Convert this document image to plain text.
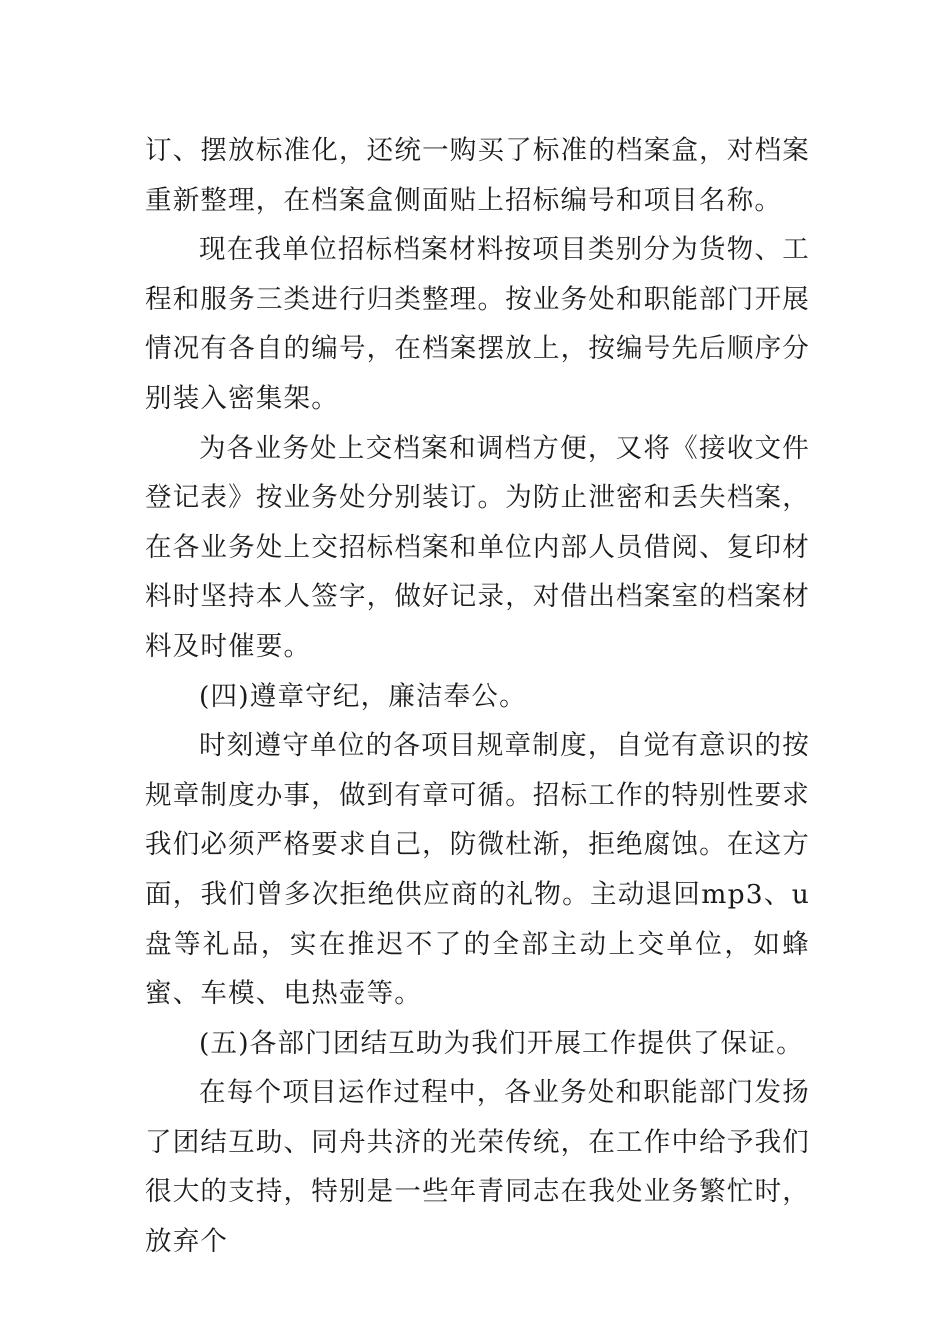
订、摆放标准化，还统一购买了标准的档案盒，对档案重新整理，在档案盒侧面贴上招标编号和项目名称。

现在我单位招标档案材料按项目类别分为货物、工程和服务三类进行归类整理。按业务处和职能部门开展情况有各自的编号，在档案摆放上，按编号先后顺序分别装入密集架。

为各业务处上交档案和调档方便，又将《接收文件登记表》按业务处分别装订。为防止泄密和丢失档案，在各业务处上交招标档案和单位内部人员借阅、复印材料时坚持本人签字，做好记录，对借出档案室的档案材料及时催要。

(四)遵章守纪，廉洁奉公。

时刻遵守单位的各项目规章制度，自觉有意识的按规章制度办事，做到有章可循。招标工作的特别性要求我们必须严格要求自己，防微杜渐，拒绝腐蚀。在这方面，我们曾多次拒绝供应商的礼物。主动退回mp3、u盘等礼品，实在推迟不了的全部主动上交单位，如蜂蜜、车模、电热壶等。

(五)各部门团结互助为我们开展工作提供了保证。

在每个项目运作过程中，各业务处和职能部门发扬了团结互助、同舟共济的光荣传统，在工作中给予我们很大的支持，特别是一些年青同志在我处业务繁忙时，放弃个
